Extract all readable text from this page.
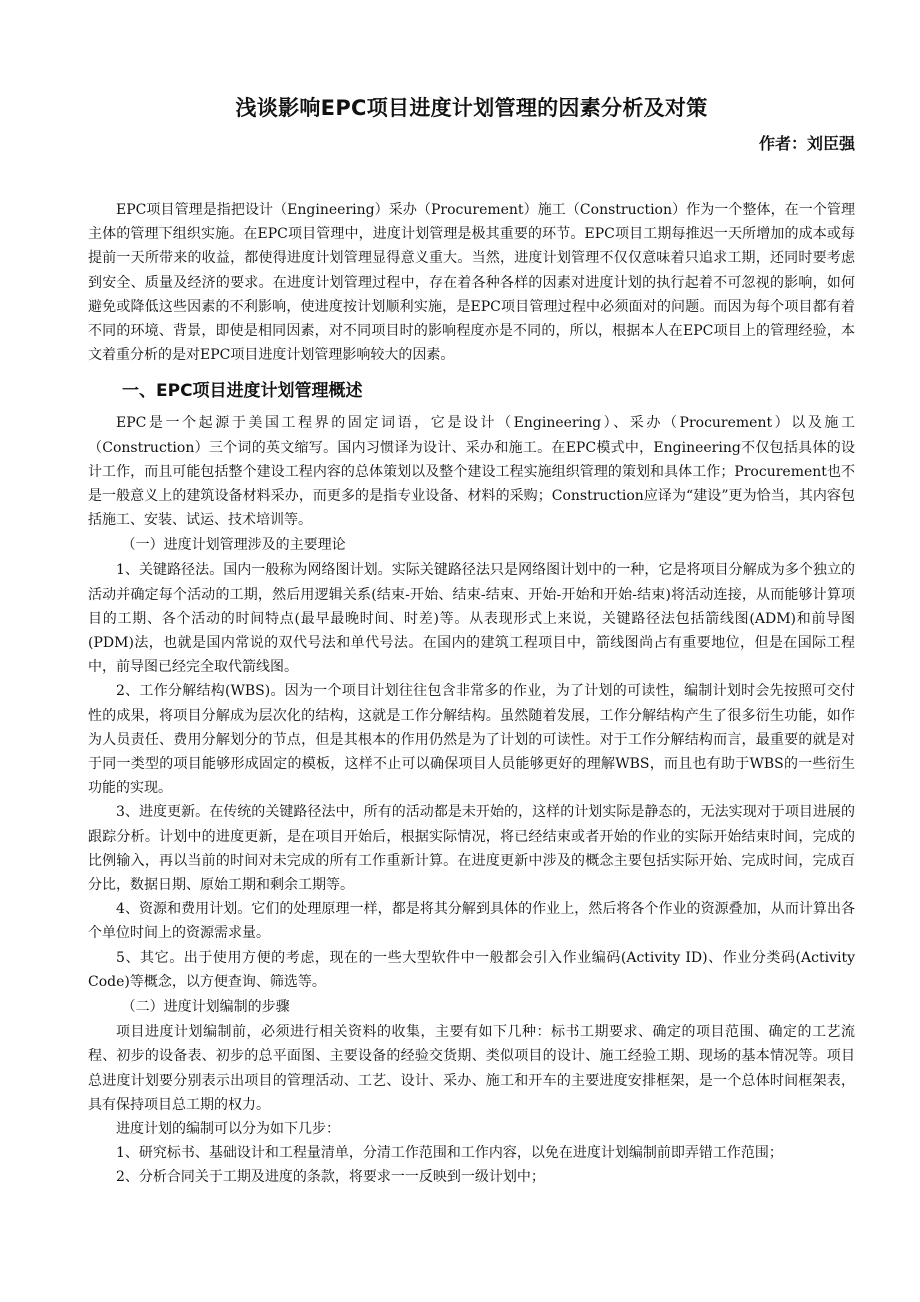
浅谈影响EPC项目进度计划管理的因素分析及对策
作者：刘臣强

EPC项目管理是指把设计（Engineering）采办（Procurement）施工（Construction）作为一个整体，在一个管理主体的管理下组织实施。在EPC项目管理中，进度计划管理是极其重要的环节。EPC项目工期每推迟一天所增加的成本或每提前一天所带来的收益，都使得进度计划管理显得意义重大。当然，进度计划管理不仅仅意味着只追求工期，还同时要考虑到安全、质量及经济的要求。在进度计划管理过程中，存在着各种各样的因素对进度计划的执行起着不可忽视的影响，如何避免或降低这些因素的不利影响，使进度按计划顺利实施，是EPC项目管理过程中必须面对的问题。而因为每个项目都有着不同的环境、背景，即使是相同因素，对不同项目时的影响程度亦是不同的，所以，根据本人在EPC项目上的管理经验，本文着重分析的是对EPC项目进度计划管理影响较大的因素。

一、EPC项目进度计划管理概述

EPC是一个起源于美国工程界的固定词语，它是设计（Engineering）、采办（Procurement）以及施工（Construction）三个词的英文缩写。国内习惯译为设计、采办和施工。在EPC模式中，Engineering不仅包括具体的设计工作，而且可能包括整个建设工程内容的总体策划以及整个建设工程实施组织管理的策划和具体工作；Procurement也不是一般意义上的建筑设备材料采办，而更多的是指专业设备、材料的采购；Construction应译为“建设”更为恰当，其内容包括施工、安装、试运、技术培训等。

（一）进度计划管理涉及的主要理论

1、关键路径法。国内一般称为网络图计划。实际关键路径法只是网络图计划中的一种，它是将项目分解成为多个独立的活动并确定每个活动的工期，然后用逻辑关系(结束-开始、结束-结束、开始-开始和开始-结束)将活动连接，从而能够计算项目的工期、各个活动的时间特点(最早最晚时间、时差)等。从表现形式上来说，关键路径法包括箭线图(ADM)和前导图(PDM)法，也就是国内常说的双代号法和单代号法。在国内的建筑工程项目中，箭线图尚占有重要地位，但是在国际工程中，前导图已经完全取代箭线图。

2、工作分解结构(WBS)。因为一个项目计划往往包含非常多的作业，为了计划的可读性，编制计划时会先按照可交付性的成果，将项目分解成为层次化的结构，这就是工作分解结构。虽然随着发展，工作分解结构产生了很多衍生功能，如作为人员责任、费用分解划分的节点，但是其根本的作用仍然是为了计划的可读性。对于工作分解结构而言，最重要的就是对于同一类型的项目能够形成固定的模板，这样不止可以确保项目人员能够更好的理解WBS，而且也有助于WBS的一些衍生功能的实现。

3、进度更新。在传统的关键路径法中，所有的活动都是未开始的，这样的计划实际是静态的，无法实现对于项目进展的跟踪分析。计划中的进度更新，是在项目开始后，根据实际情况，将已经结束或者开始的作业的实际开始结束时间，完成的比例输入，再以当前的时间对未完成的所有工作重新计算。在进度更新中涉及的概念主要包括实际开始、完成时间，完成百分比，数据日期、原始工期和剩余工期等。

4、资源和费用计划。它们的处理原理一样，都是将其分解到具体的作业上，然后将各个作业的资源叠加，从而计算出各个单位时间上的资源需求量。

5、其它。出于使用方便的考虑，现在的一些大型软件中一般都会引入作业编码(Activity ID)、作业分类码(Activity Code)等概念，以方便查询、筛选等。

（二）进度计划编制的步骤

项目进度计划编制前，必须进行相关资料的收集，主要有如下几种：标书工期要求、确定的项目范围、确定的工艺流程、初步的设备表、初步的总平面图、主要设备的经验交货期、类似项目的设计、施工经验工期、现场的基本情况等。项目总进度计划要分别表示出项目的管理活动、工艺、设计、采办、施工和开车的主要进度安排框架，是一个总体时间框架表，具有保持项目总工期的权力。

进度计划的编制可以分为如下几步：

1、研究标书、基础设计和工程量清单，分清工作范围和工作内容，以免在进度计划编制前即弄错工作范围；

2、分析合同关于工期及进度的条款，将要求一一反映到一级计划中；
